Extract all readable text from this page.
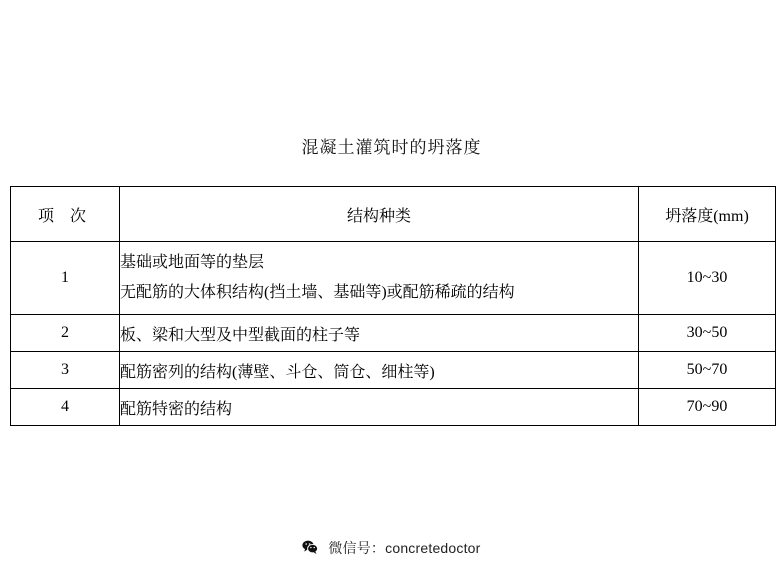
混凝土灌筑时的坍落度
项 次	结构种类	坍落度(mm)
1	基础或地面等的垫层
无配筋的大体积结构(挡土墙、基础等)或配筋稀疏的结构	10~30
2	板、梁和大型及中型截面的柱子等	30~50
3	配筋密列的结构(薄壁、斗仓、筒仓、细柱等)	50~70
4	配筋特密的结构	70~90
微信号：concretedoctor
